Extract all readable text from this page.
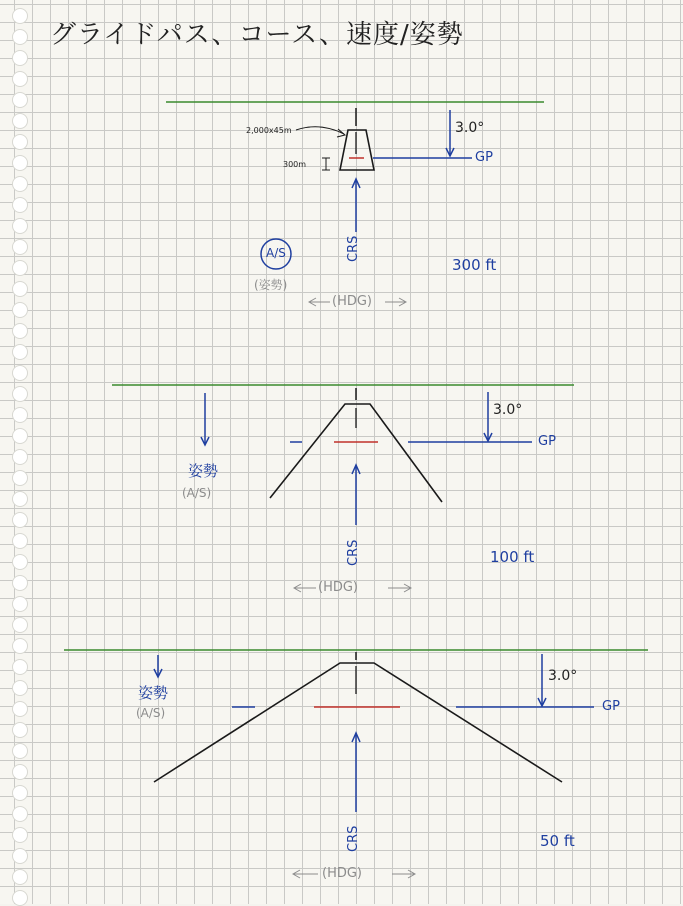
グライドパス、コース、速度/姿勢
2,000x45m
300m
3.0°
GP
CRS
A/S
(姿勢)
(HDG)
300 ft
3.0°
GP
姿勢
(A/S)
CRS
(HDG)
100 ft
3.0°
GP
姿勢
(A/S)
CRS
(HDG)
50 ft
